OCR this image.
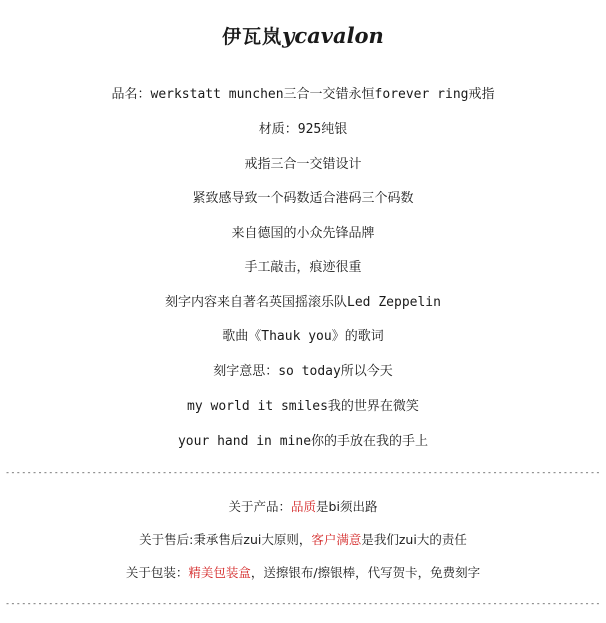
伊瓦岚ycavalon
品名：werkstatt munchen三合一交错永恒forever ring戒指
材质：925纯银
戒指三合一交错设计
紧致感导致一个码数适合港码三个码数
来自德国的小众先锋品牌
手工敲击，痕迹很重
刻字内容来自著名英国摇滚乐队Led Zeppelin
歌曲《Thauk you》的歌词
刻字意思：so today所以今天
my world it smiles我的世界在微笑
your hand in mine你的手放在我的手上
--------------------------------------------------------------------------------------------------------------
关于产品：品质是bi须出路
关于售后:秉承售后zui大原则，客户满意是我们zui大的责任
关于包装：精美包装盒，送擦银布/擦银棒，代写贺卡，免费刻字
--------------------------------------------------------------------------------------------------------------
